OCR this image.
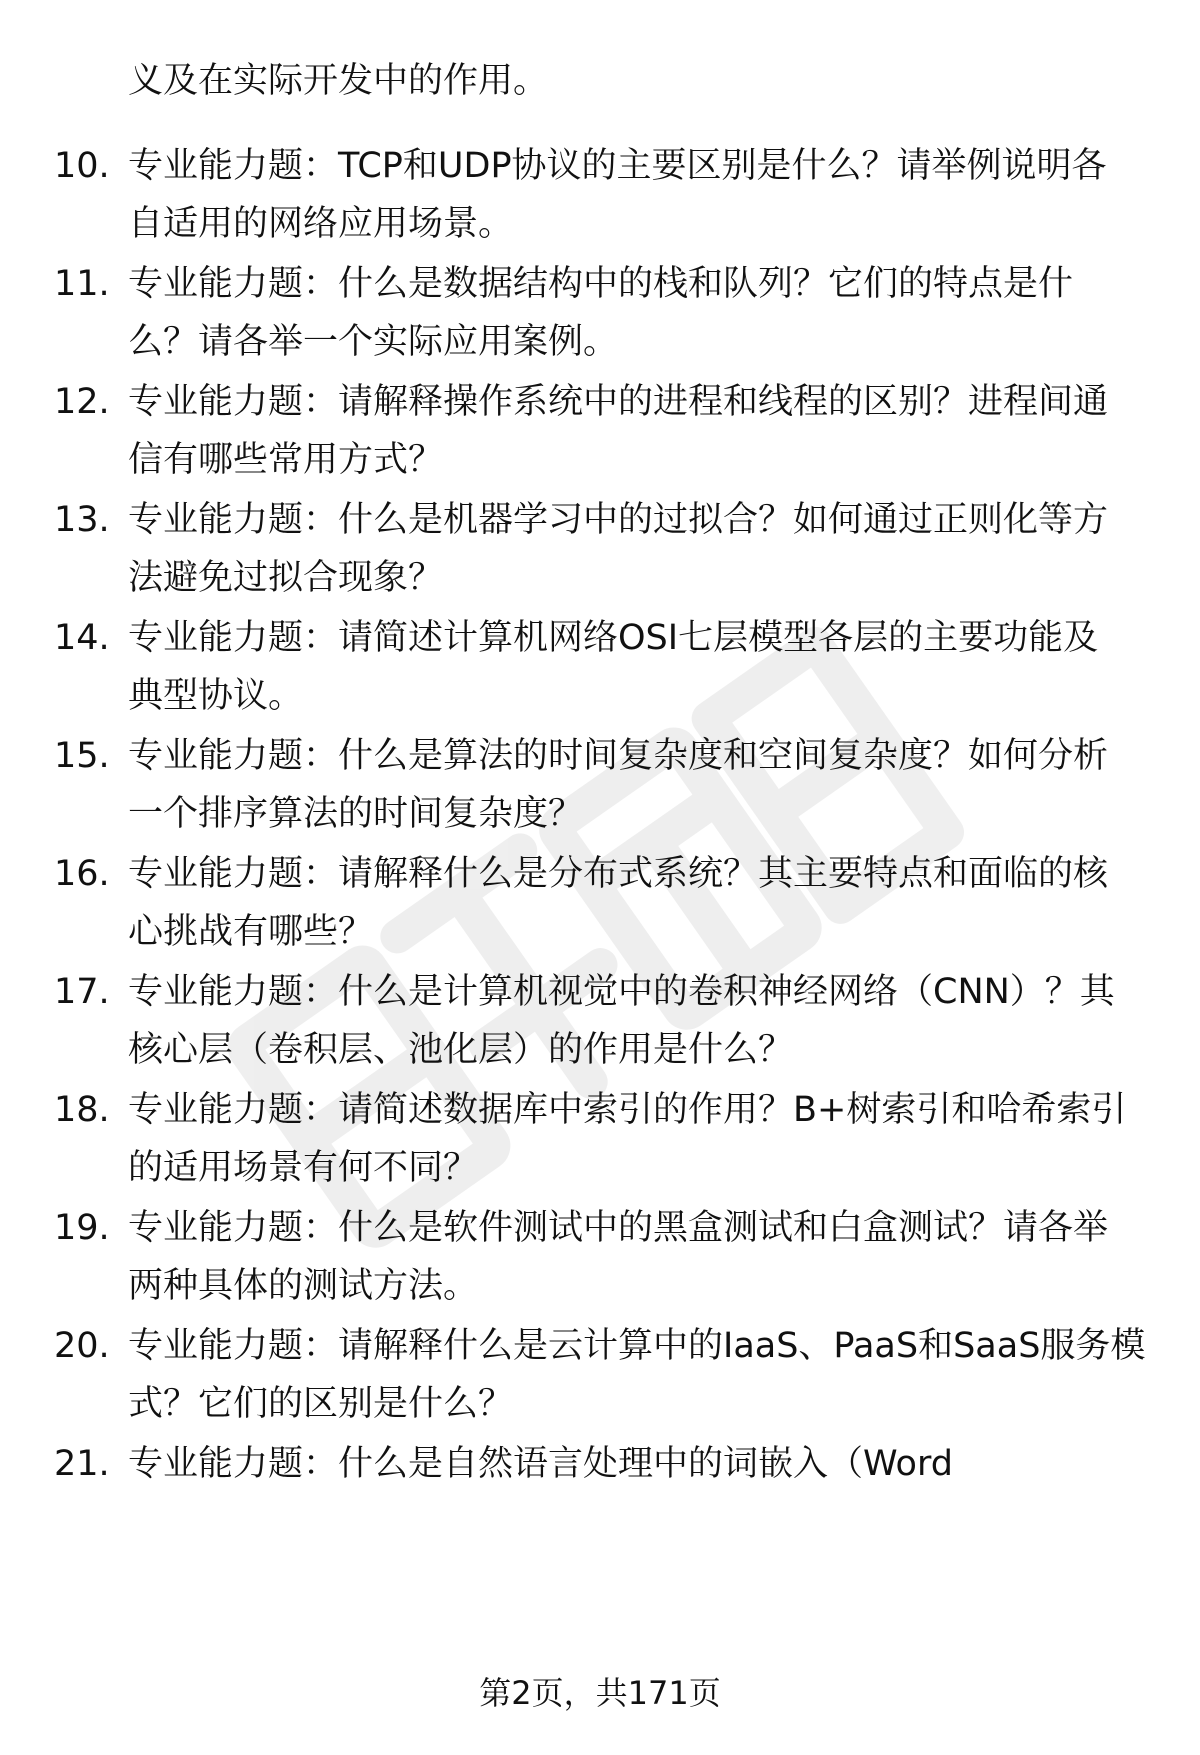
义及在实际开发中的作用。
10. 专业能力题：TCP和UDP协议的主要区别是什么？请举例说明各
自适用的网络应用场景。
11. 专业能力题：什么是数据结构中的栈和队列？它们的特点是什
么？请各举一个实际应用案例。
12. 专业能力题：请解释操作系统中的进程和线程的区别？进程间通
信有哪些常用方式？
13. 专业能力题：什么是机器学习中的过拟合？如何通过正则化等方
法避免过拟合现象？
14. 专业能力题：请简述计算机网络OSI七层模型各层的主要功能及
典型协议。
15. 专业能力题：什么是算法的时间复杂度和空间复杂度？如何分析
一个排序算法的时间复杂度？
16. 专业能力题：请解释什么是分布式系统？其主要特点和面临的核
心挑战有哪些？
17. 专业能力题：什么是计算机视觉中的卷积神经网络（CNN）？其
核心层（卷积层、池化层）的作用是什么？
18. 专业能力题：请简述数据库中索引的作用？B+树索引和哈希索引
的适用场景有何不同？
19. 专业能力题：什么是软件测试中的黑盒测试和白盒测试？请各举
两种具体的测试方法。
20. 专业能力题：请解释什么是云计算中的IaaS、PaaS和SaaS服务模
式？它们的区别是什么？
21. 专业能力题：什么是自然语言处理中的词嵌入（Word
第2页，共171页
